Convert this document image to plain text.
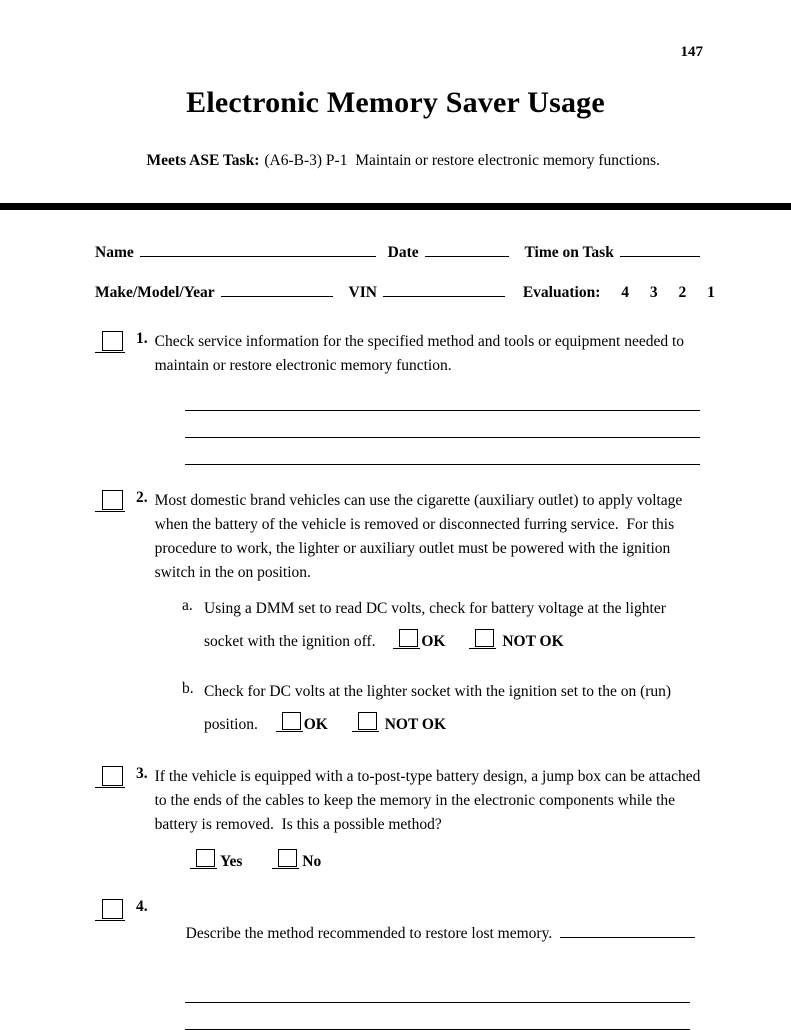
147
Electronic Memory Saver Usage

Meets ASE Task: (A6-B-3) P-1  Maintain or restore electronic memory functions.

Name	Date	Time on Task
Make/Model/Year	VIN	Evaluation: 4 3 2 1
1. Check service information for the specified method and tools or equipment needed to maintain or restore electronic memory function.
2. Most domestic brand vehicles can use the cigarette (auxiliary outlet) to apply voltage when the battery of the vehicle is removed or disconnected furring service.  For this procedure to work, the lighter or auxiliary outlet must be powered with the ignition switch in the on position.
a. Using a DMM set to read DC volts, check for battery voltage at the lighter
socket with the ignition off.	OK	NOT OK
b. Check for DC volts at the lighter socket with the ignition set to the on (run)
position.	OK	NOT OK
3. If the vehicle is equipped with a to-post-type battery design, a jump box can be attached to the ends of the cables to keep the memory in the electronic components while the battery is removed.  Is this a possible method?
Yes	No
4.

Describe the method recommended to restore lost memory.
